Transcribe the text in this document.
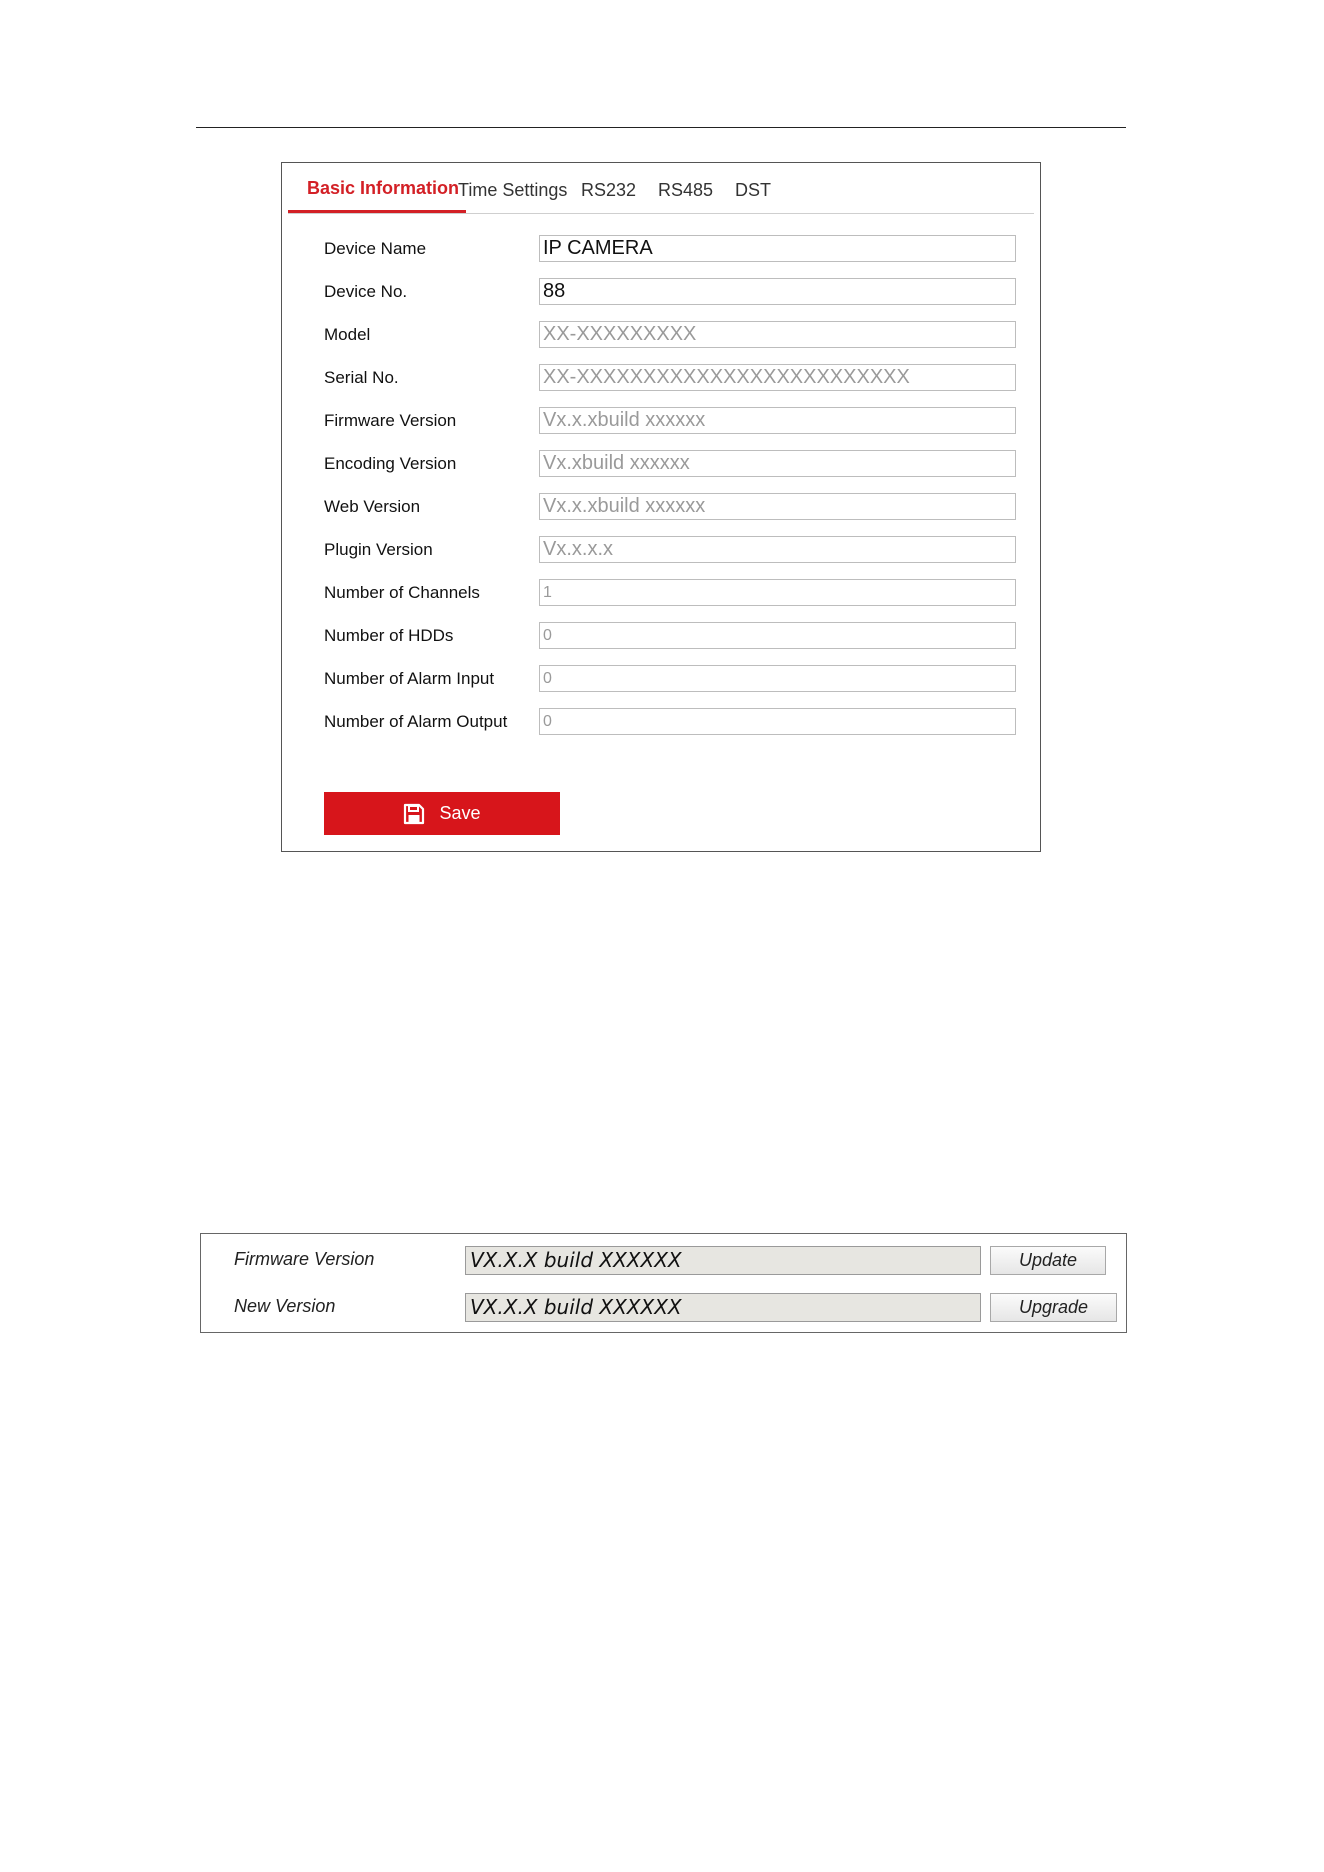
Basic Information
Time Settings RS232 RS485 DST
Device Name	IP CAMERA
Device No.	88
Model	XX-XXXXXXXXX
Serial No.	XX-XXXXXXXXXXXXXXXXXXXXXXXXX
Firmware Version	Vx.x.xbuild xxxxxx
Encoding Version	Vx.xbuild xxxxxx
Web Version	Vx.x.xbuild xxxxxx
Plugin Version	Vx.x.x.x
Number of Channels	1
Number of HDDs	0
Number of Alarm Input	0
Number of Alarm Output 0
Save
Firmware Version	VX.X.X build XXXXXX	Update
New Version	VX.X.X build XXXXXX	Upgrade
